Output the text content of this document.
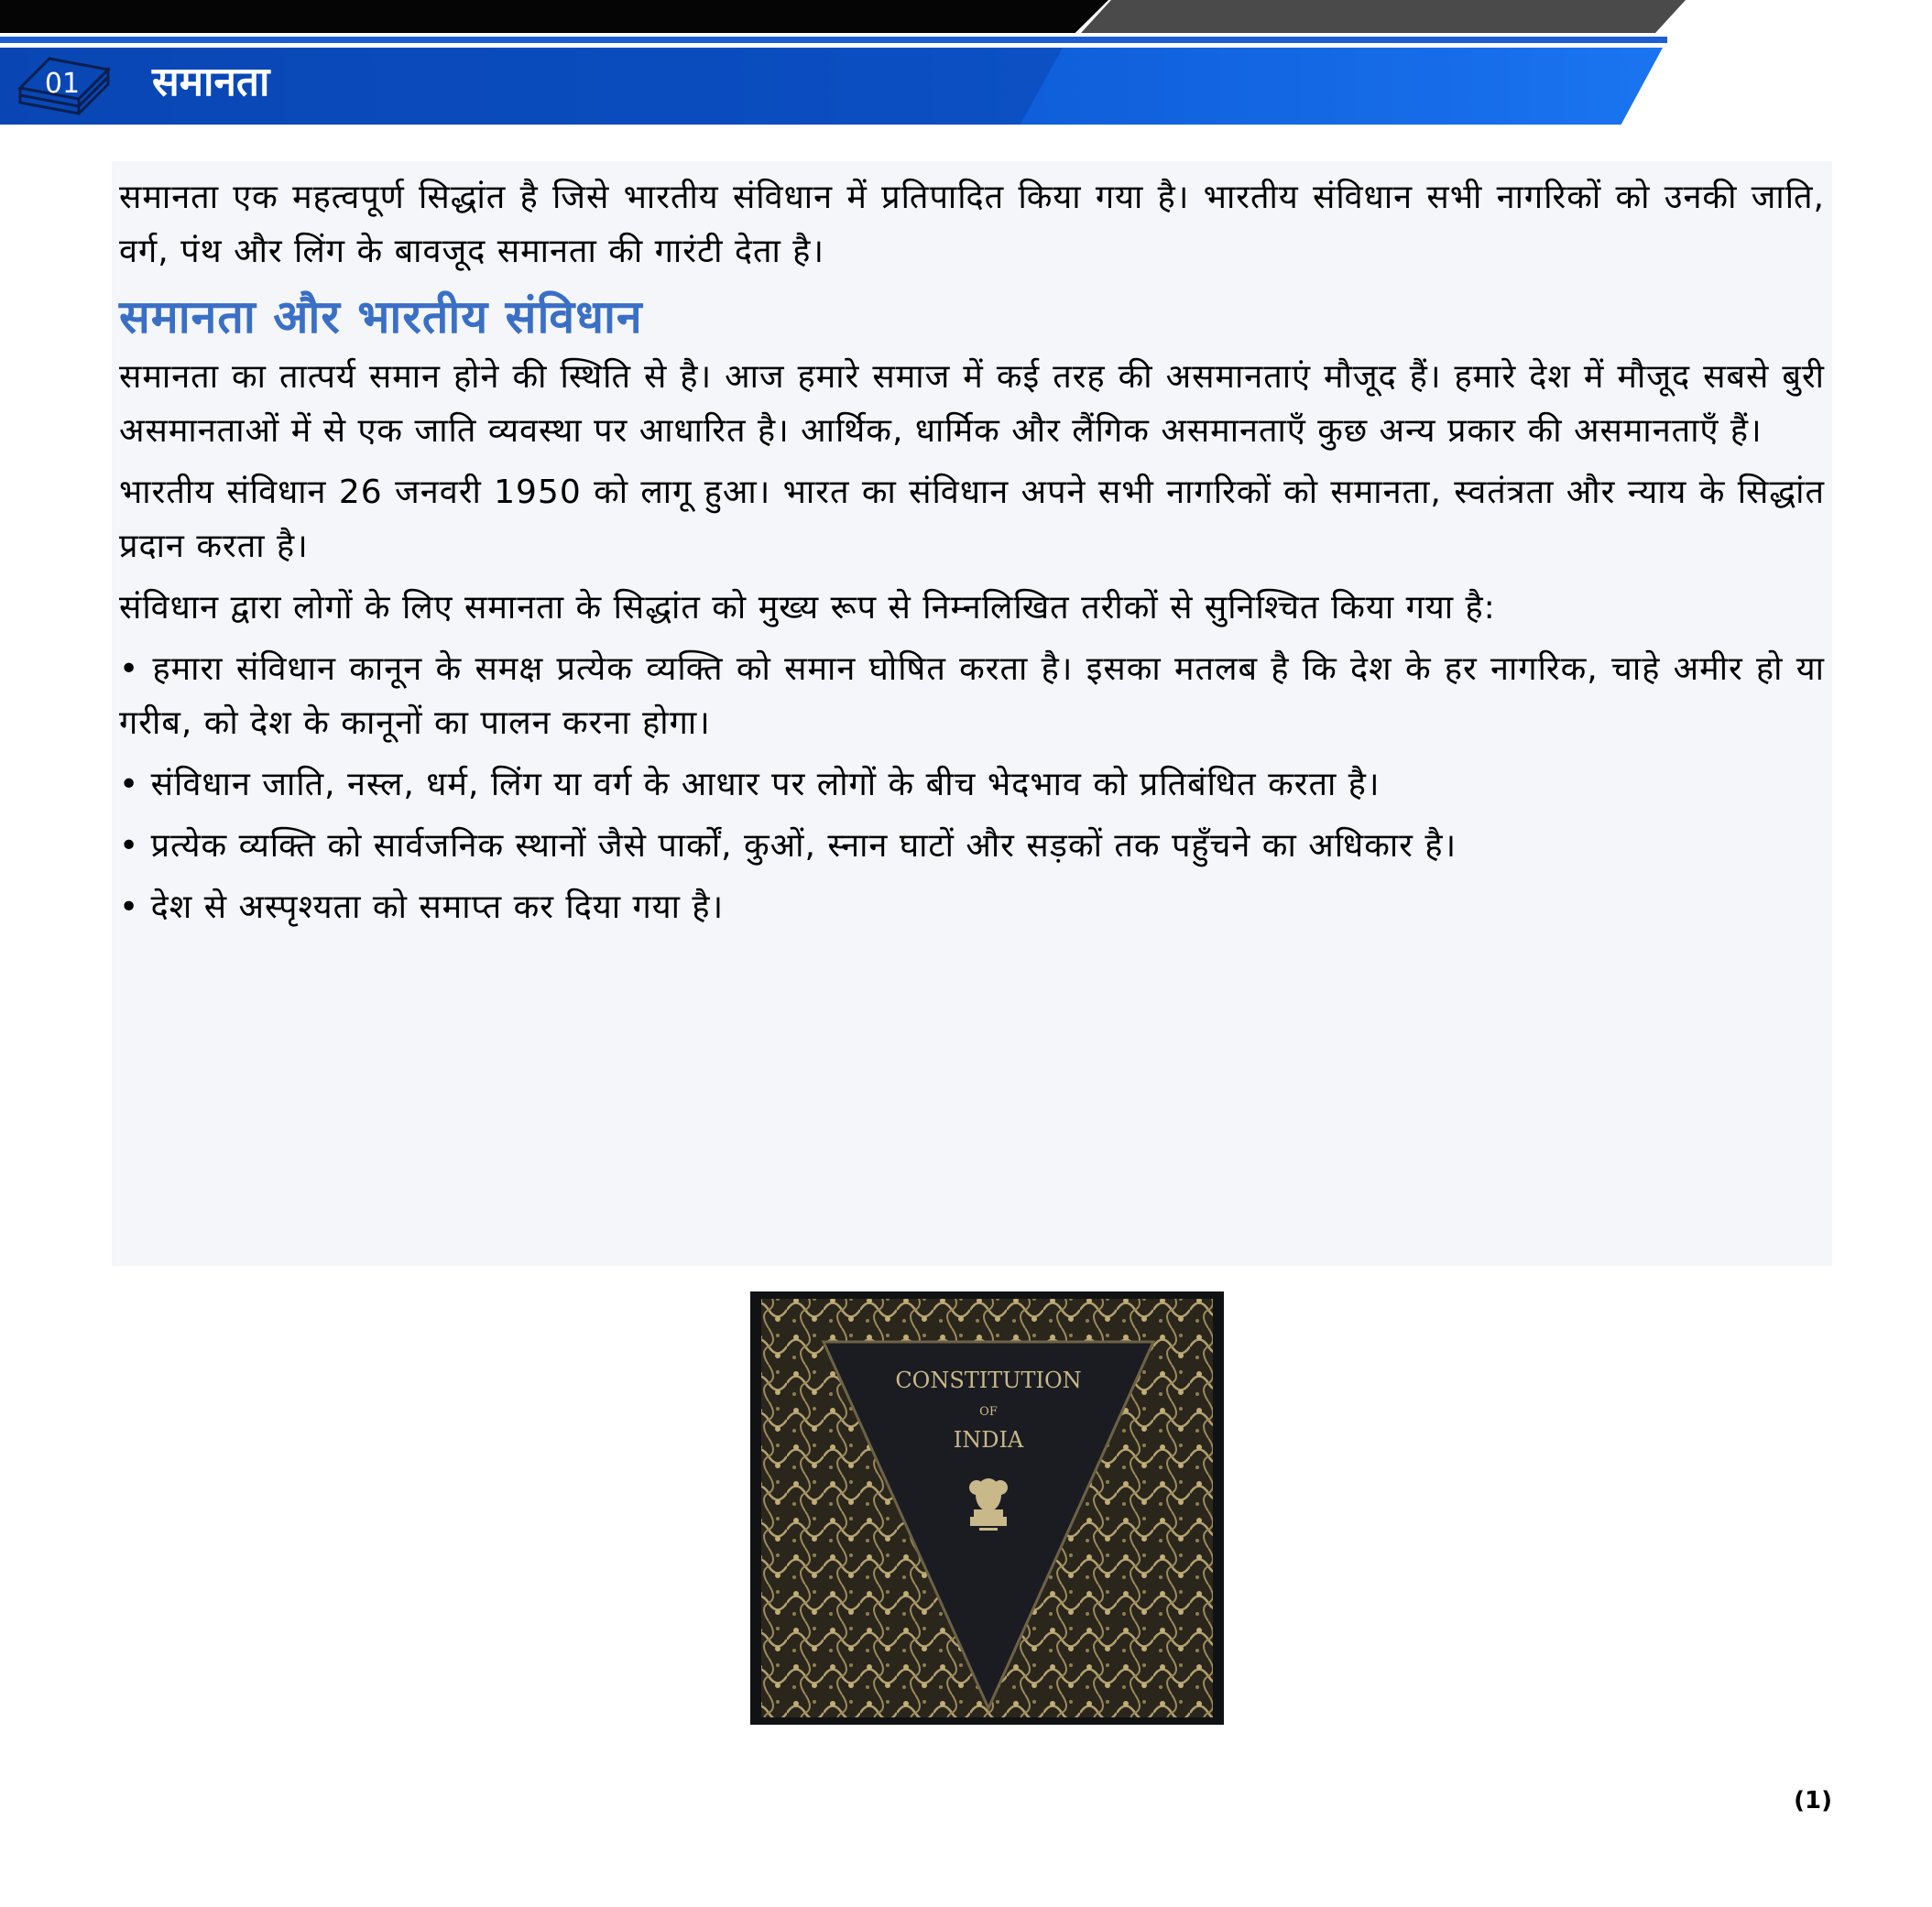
01 समानता

समानता एक महत्वपूर्ण सिद्धांत है जिसे भारतीय संविधान में प्रतिपादित किया गया है। भारतीय संविधान सभी नागरिकों को उनकी जाति, वर्ग, पंथ और लिंग के बावजूद समानता की गारंटी देता है।

समानता और भारतीय संविधान

समानता का तात्पर्य समान होने की स्थिति से है। आज हमारे समाज में कई तरह की असमानताएं मौजूद हैं। हमारे देश में मौजूद सबसे बुरी असमानताओं में से एक जाति व्यवस्था पर आधारित है। आर्थिक, धार्मिक और लैंगिक असमानताएँ कुछ अन्य प्रकार की असमानताएँ हैं।

भारतीय संविधान 26 जनवरी 1950 को लागू हुआ। भारत का संविधान अपने सभी नागरिकों को समानता, स्वतंत्रता और न्याय के सिद्धांत प्रदान करता है।

संविधान द्वारा लोगों के लिए समानता के सिद्धांत को मुख्य रूप से निम्नलिखित तरीकों से सुनिश्चित किया गया है:

• हमारा संविधान कानून के समक्ष प्रत्येक व्यक्ति को समान घोषित करता है। इसका मतलब है कि देश के हर नागरिक, चाहे अमीर हो या गरीब, को देश के कानूनों का पालन करना होगा।

• संविधान जाति, नस्ल, धर्म, लिंग या वर्ग के आधार पर लोगों के बीच भेदभाव को प्रतिबंधित करता है।

• प्रत्येक व्यक्ति को सार्वजनिक स्थानों जैसे पार्कों, कुओं, स्नान घाटों और सड़कों तक पहुँचने का अधिकार है।

• देश से अस्पृश्यता को समाप्त कर दिया गया है।

CONSTITUTION
OF
INDIA
(1)
